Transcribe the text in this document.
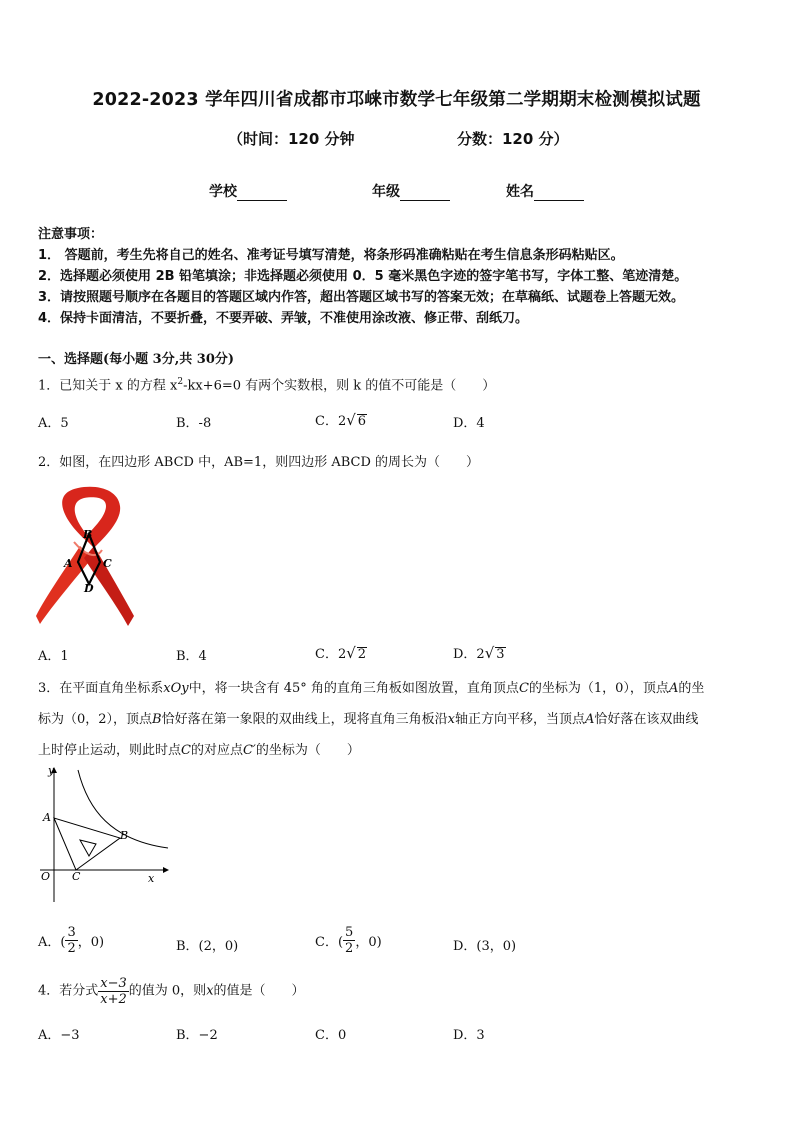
2022-2023 学年四川省成都市邛崃市数学七年级第二学期期末检测模拟试题
（时间：120 分钟	分数：120 分）
学校	年级	姓名
注意事项：
1． 答题前，考生先将自己的姓名、准考证号填写清楚，将条形码准确粘贴在考生信息条形码粘贴区。
2．选择题必须使用 2B 铅笔填涂；非选择题必须使用 0．5 毫米黑色字迹的签字笔书写，字体工整、笔迹清楚。
3．请按照题号顺序在各题目的答题区域内作答，超出答题区域书写的答案无效；在草稿纸、试题卷上答题无效。
4．保持卡面清洁，不要折叠，不要弄破、弄皱，不准使用涂改液、修正带、刮纸刀。
一、选择题(每小题 3分,共 30分)
1．已知关于 x 的方程 $x^2-kx+6=0$ 有两个实数根，则 k 的值不可能是（　　）
A．5	B．-8	C．2√ 6	D．4
2．如图，在四边形 ABCD 中，AB=1，则四边形 ABCD 的周长为（　　）
B
A	C
D
A．1	B．4	C．2√ 2	D．2√ 3
3．在平面直角坐标系xOy中，将一块含有 45° 角的直角三角板如图放置，直角顶点C的坐标为（1，0），顶点A的坐
标为（0，2），顶点B恰好落在第一象限的双曲线上，现将直角三角板沿x轴正方向平移，当顶点A恰好落在该双曲线
上时停止运动，则此时点C的对应点C′的坐标为（　　）
y
x
O
A
B
C
A．( $\frac{3}{2}$ ，0)	B．(2，0)	C．( $\frac{5}{2}$ ，0)	D．(3，0)
4．若分式 $\frac{x-3}{x+2}$ 的值为 0，则x的值是（　　）
A．−3	B．−2	C．0	D．3
